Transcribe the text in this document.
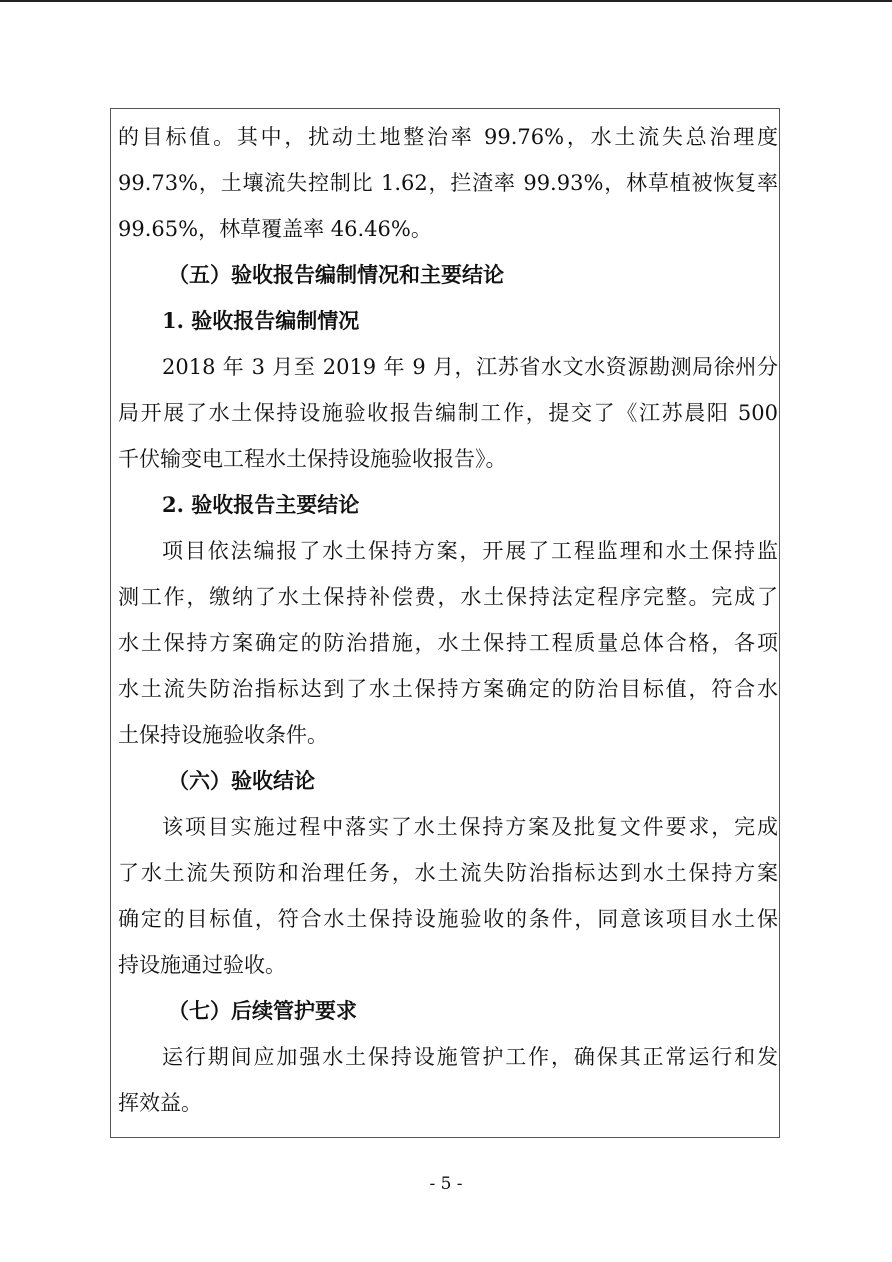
的目标值。其中，扰动土地整治率 99.76%，水土流失总治理度
99.73%，土壤流失控制比 1.62，拦渣率 99.93%，林草植被恢复率
99.65%，林草覆盖率 46.46%。
（五）验收报告编制情况和主要结论
1. 验收报告编制情况
2018 年 3 月至 2019 年 9 月，江苏省水文水资源勘测局徐州分
局开展了水土保持设施验收报告编制工作，提交了《江苏晨阳 500
千伏输变电工程水土保持设施验收报告》。
2. 验收报告主要结论
项目依法编报了水土保持方案，开展了工程监理和水土保持监
测工作，缴纳了水土保持补偿费，水土保持法定程序完整。完成了
水土保持方案确定的防治措施，水土保持工程质量总体合格，各项
水土流失防治指标达到了水土保持方案确定的防治目标值，符合水
土保持设施验收条件。
（六）验收结论
该项目实施过程中落实了水土保持方案及批复文件要求，完成
了水土流失预防和治理任务，水土流失防治指标达到水土保持方案
确定的目标值，符合水土保持设施验收的条件，同意该项目水土保
持设施通过验收。
（七）后续管护要求
运行期间应加强水土保持设施管护工作，确保其正常运行和发
挥效益。
- 5 -
